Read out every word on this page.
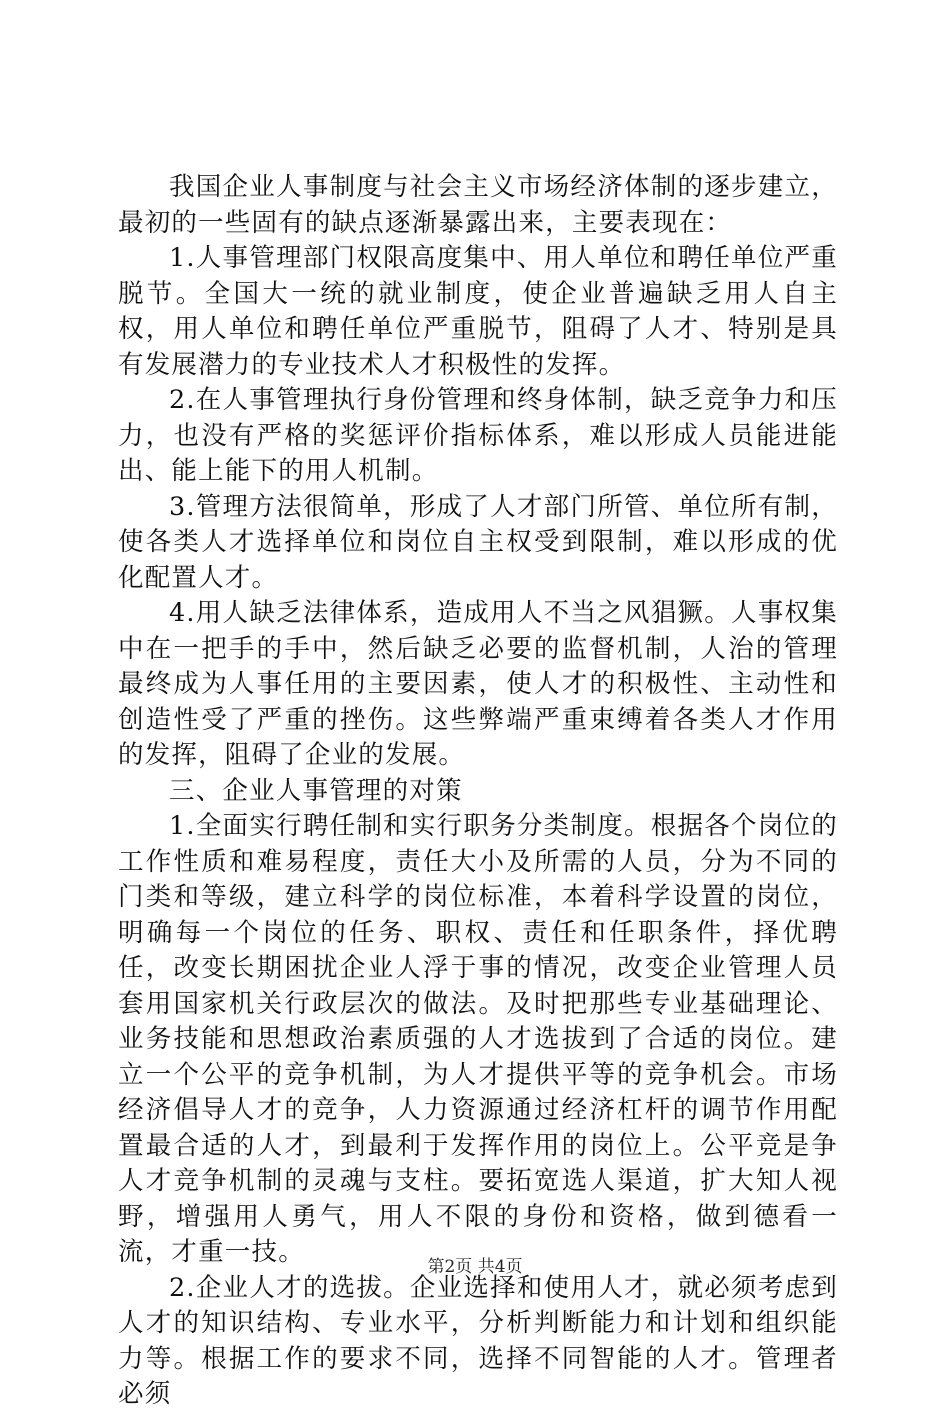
我国企业人事制度与社会主义市场经济体制的逐步建立，最初的一些固有的缺点逐渐暴露出来，主要表现在：

1.人事管理部门权限高度集中、用人单位和聘任单位严重脱节。全国大一统的就业制度，使企业普遍缺乏用人自主权，用人单位和聘任单位严重脱节，阻碍了人才、特别是具有发展潜力的专业技术人才积极性的发挥。

2.在人事管理执行身份管理和终身体制，缺乏竞争力和压力，也没有严格的奖惩评价指标体系，难以形成人员能进能出、能上能下的用人机制。

3.管理方法很简单，形成了人才部门所管、单位所有制，使各类人才选择单位和岗位自主权受到限制，难以形成的优化配置人才。

4.用人缺乏法律体系，造成用人不当之风猖獗。人事权集中在一把手的手中，然后缺乏必要的监督机制，人治的管理最终成为人事任用的主要因素，使人才的积极性、主动性和创造性受了严重的挫伤。这些弊端严重束缚着各类人才作用的发挥，阻碍了企业的发展。

三、企业人事管理的对策

1.全面实行聘任制和实行职务分类制度。根据各个岗位的工作性质和难易程度，责任大小及所需的人员，分为不同的门类和等级，建立科学的岗位标准，本着科学设置的岗位，明确每一个岗位的任务、职权、责任和任职条件，择优聘任，改变长期困扰企业人浮于事的情况，改变企业管理人员套用国家机关行政层次的做法。及时把那些专业基础理论、业务技能和思想政治素质强的人才选拔到了合适的岗位。建立一个公平的竞争机制，为人才提供平等的竞争机会。市场经济倡导人才的竞争，人力资源通过经济杠杆的调节作用配置最合适的人才，到最利于发挥作用的岗位上。公平竞是争人才竞争机制的灵魂与支柱。要拓宽选人渠道，扩大知人视野，增强用人勇气，用人不限的身份和资格，做到德看一流，才重一技。

2.企业人才的选拔。企业选择和使用人才，就必须考虑到人才的知识结构、专业水平，分析判断能力和计划和组织能力等。根据工作的要求不同，选择不同智能的人才。管理者必须

第2页 共4页
